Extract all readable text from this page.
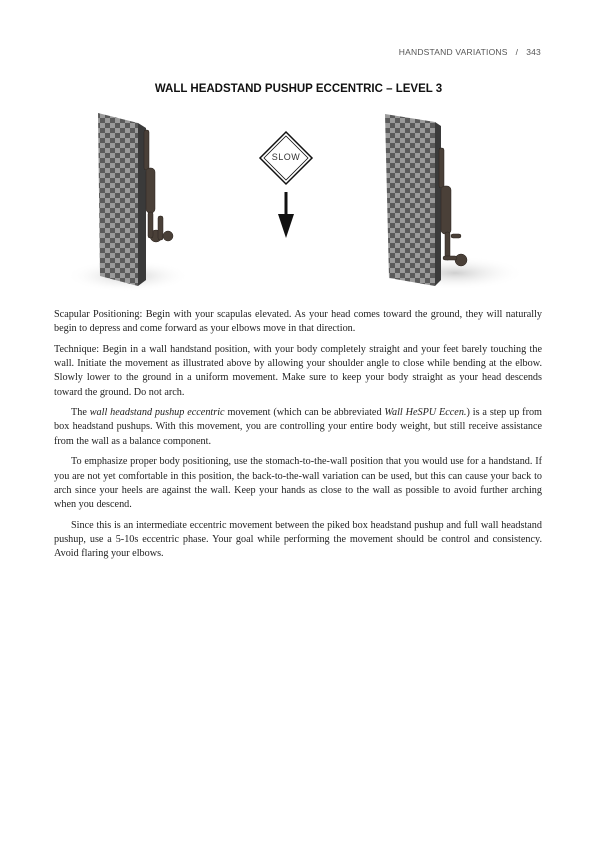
HANDSTAND VARIATIONS / 343
WALL HEADSTAND PUSHUP ECCENTRIC – LEVEL 3
SLOW

Scapular Positioning: Begin with your scapulas elevated. As your head comes toward the ground, they will naturally begin to depress and come forward as your elbows move in that direction.

Technique: Begin in a wall handstand position, with your body completely straight and your feet barely touching the wall. Initiate the movement as illustrated above by allowing your shoulder angle to close while bending at the elbow. Slowly lower to the ground in a uniform movement. Make sure to keep your body straight as your head descends toward the ground. Do not arch.

The wall headstand pushup eccentric movement (which can be abbreviated Wall HeSPU Eccen.) is a step up from box headstand pushups. With this movement, you are controlling your entire body weight, but still receive assistance from the wall as a balance component.

To emphasize proper body positioning, use the stomach-to-the-wall position that you would use for a handstand. If you are not yet comfortable in this position, the back-to-the-wall variation can be used, but this can cause your back to arch since your heels are against the wall. Keep your hands as close to the wall as possible to avoid further arching when you descend.

Since this is an intermediate eccentric movement between the piked box headstand pushup and full wall headstand pushup, use a 5-10s eccentric phase. Your goal while performing the movement should be control and consistency. Avoid flaring your elbows.
